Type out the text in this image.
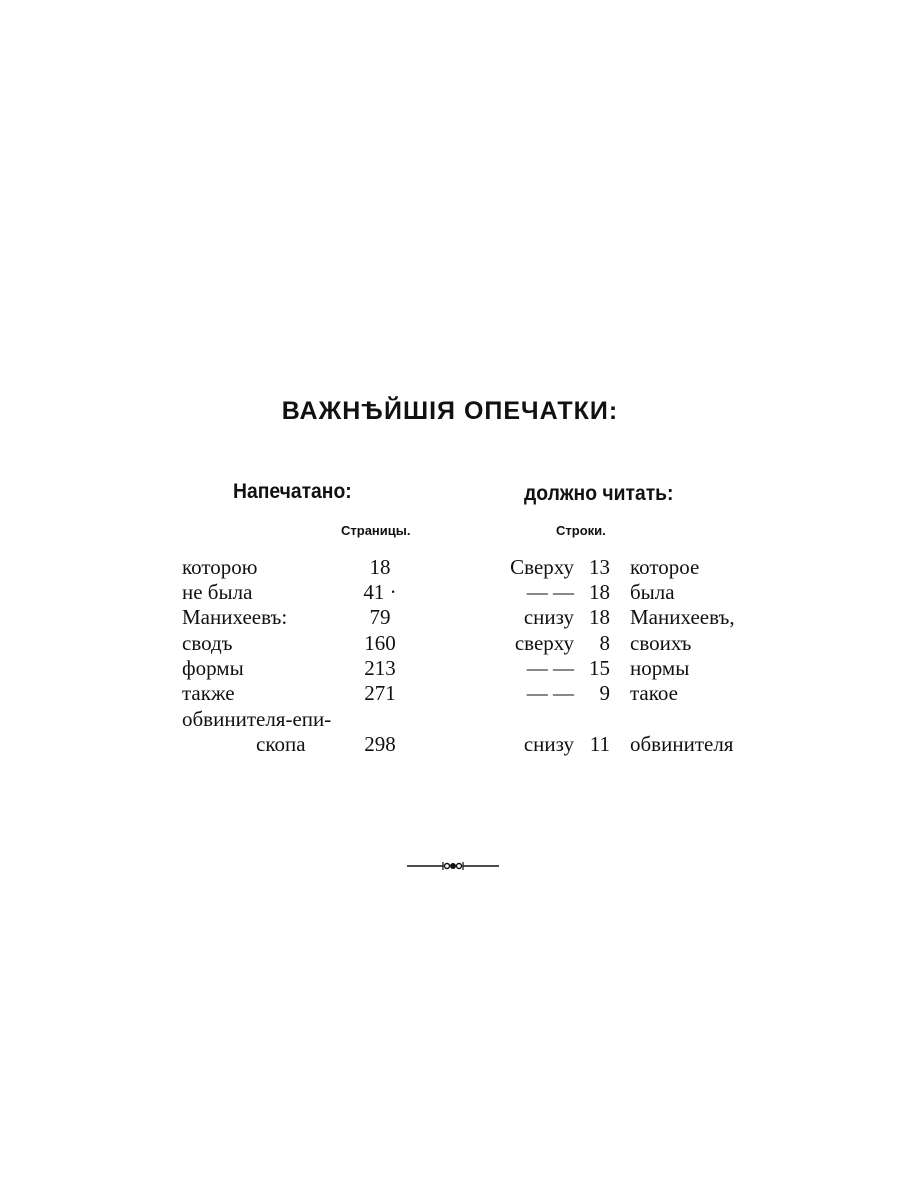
ВАЖНѢЙШІЯ ОПЕЧАТКИ:
Напечатано:	должно читать:
Страницы.	Строки.
которою	18	Сверху 13 которое
не была	41 ·	— — 18 была
Манихеевъ:	79	снизу 18 Манихеевъ,
сводъ	160	сверху	8 своихъ
формы	213	— — 15 нормы
также	271	— —	9 такое
обвинителя-епи-
скопа	298	снизу 11 обвинителя
